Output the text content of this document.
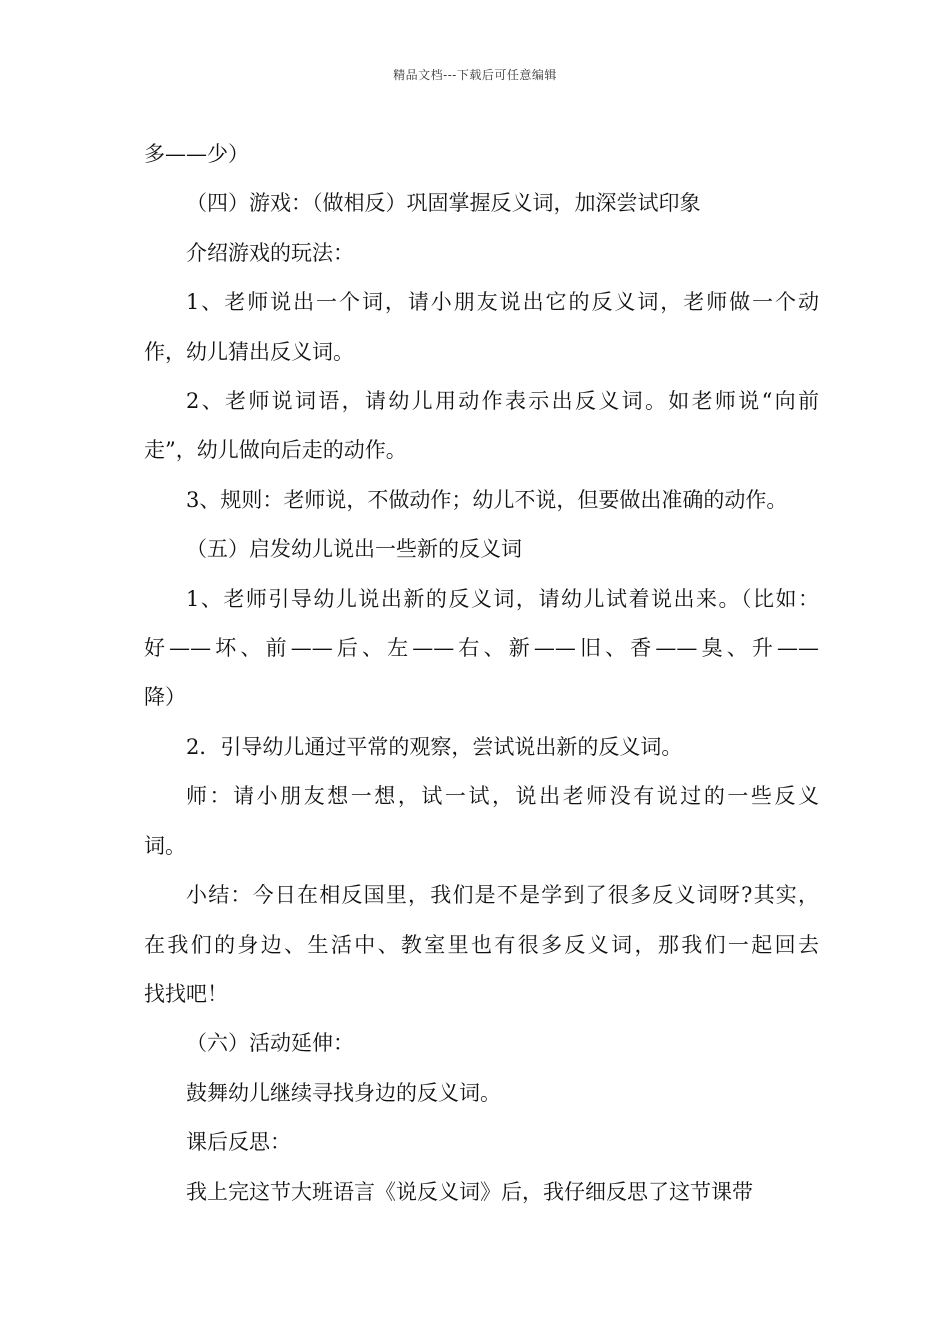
精品文档---下载后可任意编辑
多——少）
（四）游戏：（做相反）巩固掌握反义词，加深尝试印象
介绍游戏的玩法：
1、老师说出一个词，请小朋友说出它的反义词，老师做一个动
作，幼儿猜出反义词。
2、老师说词语，请幼儿用动作表示出反义词。如老师说“向前
走”，幼儿做向后走的动作。
3、规则：老师说，不做动作；幼儿不说，但要做出准确的动作。
（五）启发幼儿说出一些新的反义词
1、老师引导幼儿说出新的反义词，请幼儿试着说出来。（比如：
好——坏、前——后、左——右、新——旧、香——臭、升——
降）
2．引导幼儿通过平常的观察，尝试说出新的反义词。
师：请小朋友想一想，试一试，说出老师没有说过的一些反义
词。
小结：今日在相反国里，我们是不是学到了很多反义词呀?其实，
在我们的身边、生活中、教室里也有很多反义词，那我们一起回去
找找吧！
（六）活动延伸：
鼓舞幼儿继续寻找身边的反义词。
课后反思：
我上完这节大班语言《说反义词》后，我仔细反思了这节课带
